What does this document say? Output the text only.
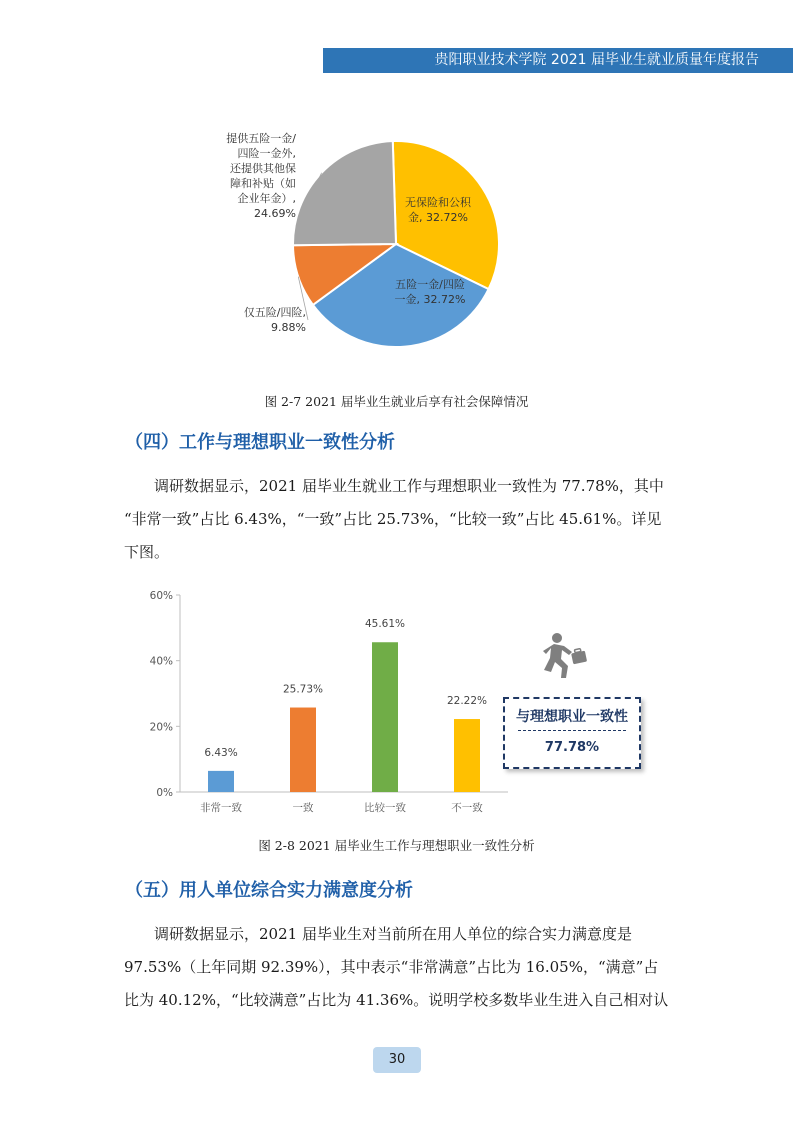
贵阳职业技术学院 2021 届毕业生就业质量年度报告
无保险和公积金, 32.72%
五险一金/四险一金, 32.72%
仅五险/四险, 9.88%
提供五险一金/四险一金外,还提供其他保障和补贴（如企业年金）, 24.69%
图 2-7 2021 届毕业生就业后享有社会保障情况
（四）工作与理想职业一致性分析
调研数据显示，2021 届毕业生就业工作与理想职业一致性为 77.78%，其中
“非常一致”占比 6.43%，“一致”占比 25.73%，“比较一致”占比 45.61%。详见
下图。
0%
20%
40%
60%
6.43%
非常一致
25.73%
一致
45.61%
比较一致
22.22%
不一致
与理想职业一致性
77.78%
图 2-8 2021 届毕业生工作与理想职业一致性分析
（五）用人单位综合实力满意度分析
调研数据显示，2021 届毕业生对当前所在用人单位的综合实力满意度是
97.53%（上年同期 92.39%），其中表示“非常满意”占比为 16.05%，“满意”占
比为 40.12%，“比较满意”占比为 41.36%。说明学校多数毕业生进入自己相对认
30
